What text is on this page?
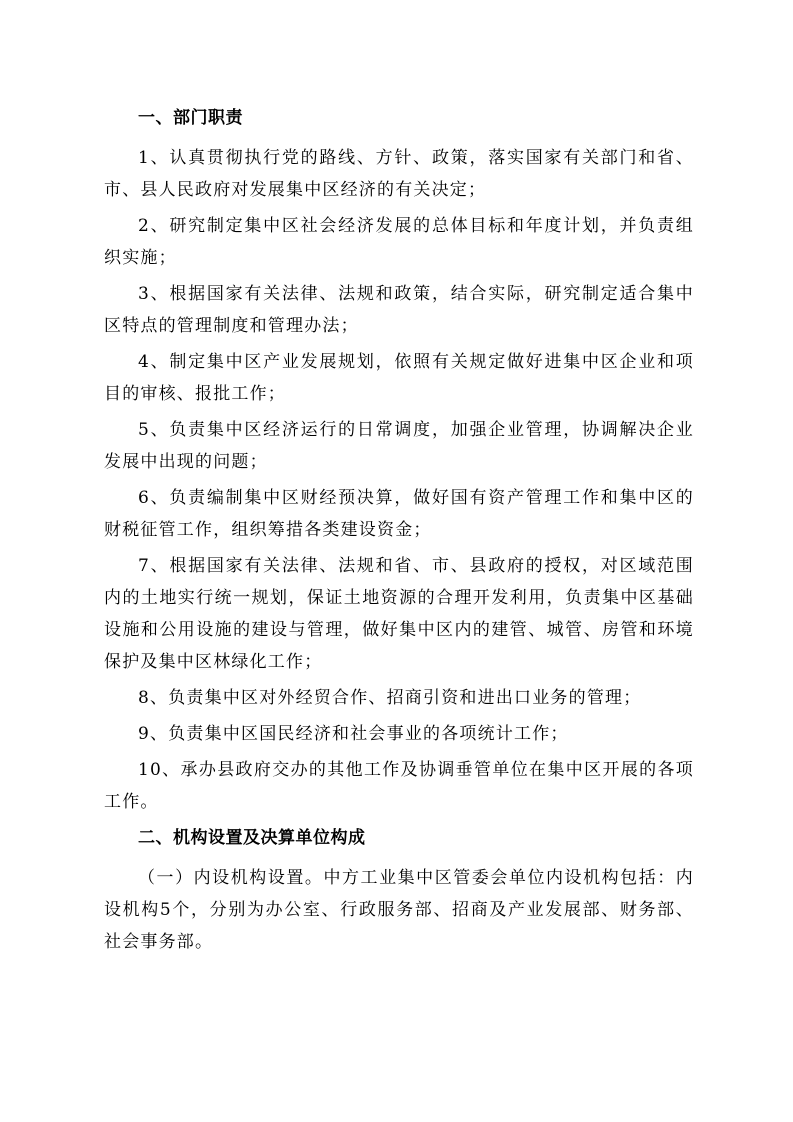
一、部门职责

1、认真贯彻执行党的路线、方针、政策，落实国家有关部门和省、市、县人民政府对发展集中区经济的有关决定；

2、研究制定集中区社会经济发展的总体目标和年度计划，并负责组织实施；

3、根据国家有关法律、法规和政策，结合实际，研究制定适合集中区特点的管理制度和管理办法；

4、制定集中区产业发展规划，依照有关规定做好进集中区企业和项目的审核、报批工作；

5、负责集中区经济运行的日常调度，加强企业管理，协调解决企业发展中出现的问题；

6、负责编制集中区财经预决算，做好国有资产管理工作和集中区的财税征管工作，组织筹措各类建设资金；

7、根据国家有关法律、法规和省、市、县政府的授权，对区域范围内的土地实行统一规划，保证土地资源的合理开发利用，负责集中区基础设施和公用设施的建设与管理，做好集中区内的建管、城管、房管和环境保护及集中区林绿化工作；

8、负责集中区对外经贸合作、招商引资和进出口业务的管理；

9、负责集中区国民经济和社会事业的各项统计工作；

10、承办县政府交办的其他工作及协调垂管单位在集中区开展的各项工作。

二、机构设置及决算单位构成

（一）内设机构设置。中方工业集中区管委会单位内设机构包括：内设机构5个，分别为办公室、行政服务部、招商及产业发展部、财务部、社会事务部。
